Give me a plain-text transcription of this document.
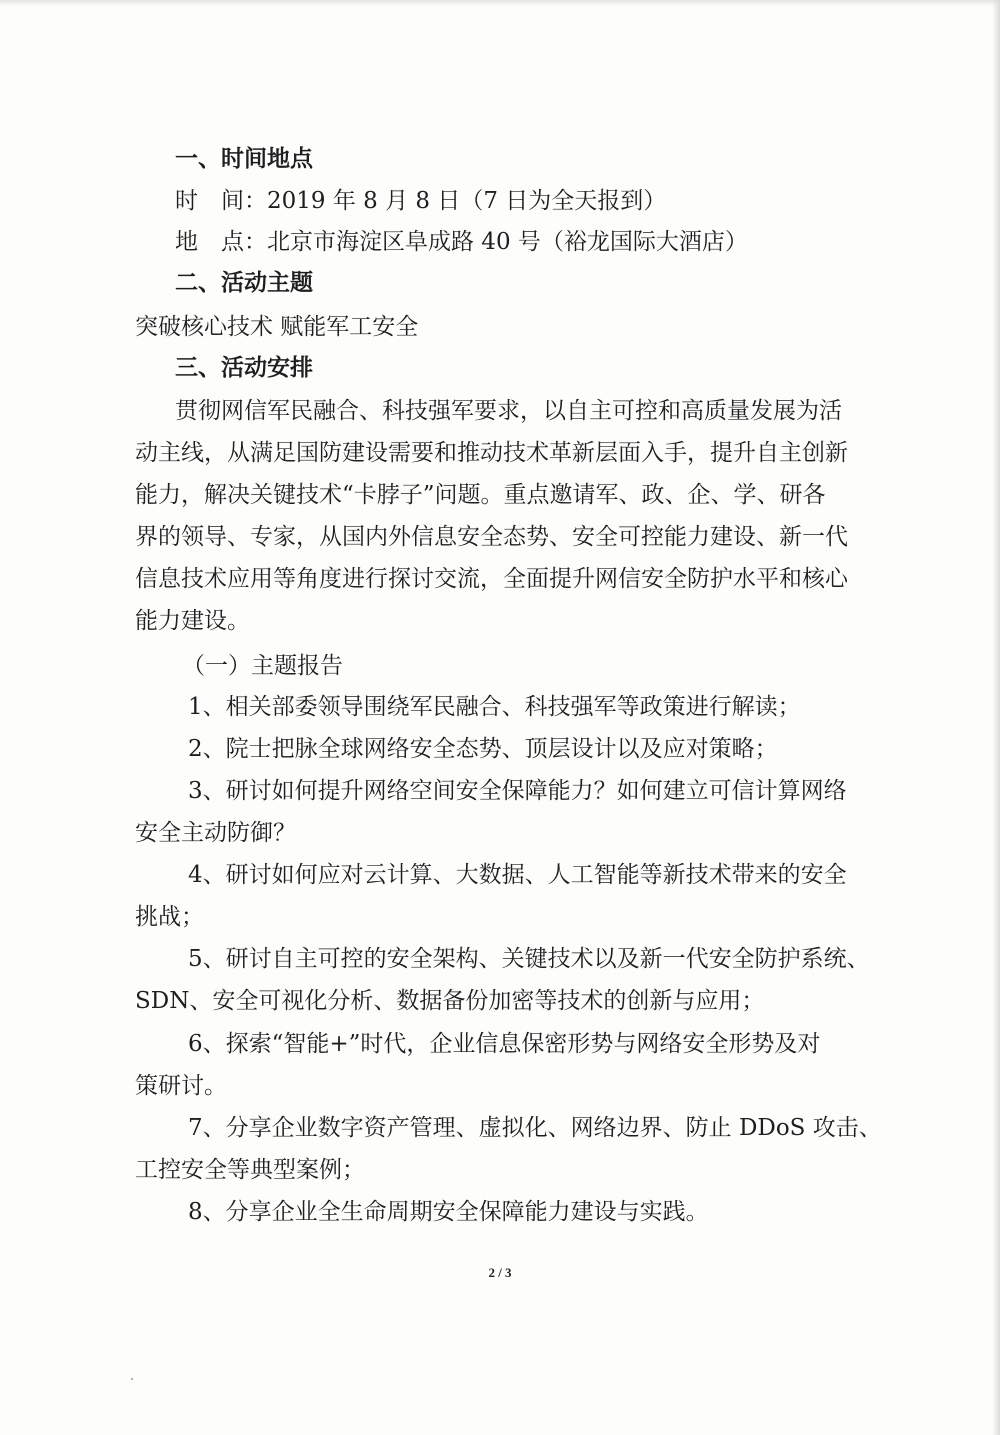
一、时间地点
时　间：2019 年 8 月 8 日（7 日为全天报到）
地　点：北京市海淀区阜成路 40 号（裕龙国际大酒店）
二、活动主题
突破核心技术 赋能军工安全
三、活动安排
贯彻网信军民融合、科技强军要求，以自主可控和高质量发展为活
动主线，从满足国防建设需要和推动技术革新层面入手，提升自主创新
能力，解决关键技术“卡脖子”问题。重点邀请军、政、企、学、研各
界的领导、专家，从国内外信息安全态势、安全可控能力建设、新一代
信息技术应用等角度进行探讨交流，全面提升网信安全防护水平和核心
能力建设。
（一）主题报告
1、相关部委领导围绕军民融合、科技强军等政策进行解读；
2、院士把脉全球网络安全态势、顶层设计以及应对策略；
3、研讨如何提升网络空间安全保障能力？如何建立可信计算网络
安全主动防御？
4、研讨如何应对云计算、大数据、人工智能等新技术带来的安全
挑战；
5、研讨自主可控的安全架构、关键技术以及新一代安全防护系统、
SDN、安全可视化分析、数据备份加密等技术的创新与应用；
6、探索“智能+”时代，企业信息保密形势与网络安全形势及对
策研讨。
7、分享企业数字资产管理、虚拟化、网络边界、防止 DDoS 攻击、
工控安全等典型案例；
8、分享企业全生命周期安全保障能力建设与实践。
2 / 3
